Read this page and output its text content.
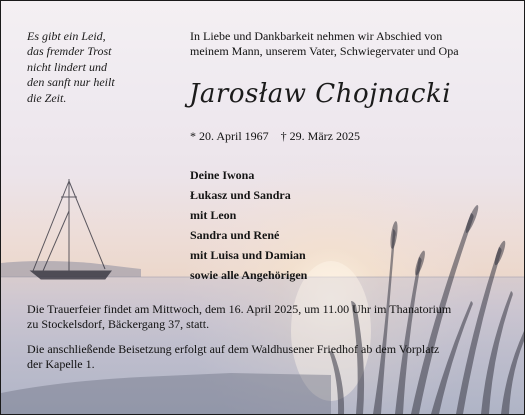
Es gibt ein Leid,
das fremder Trost
nicht lindert und
den sanft nur heilt
die Zeit.
In Liebe und Dankbarkeit nehmen wir Abschied von
meinem Mann, unserem Vater, Schwiegervater und Opa
Jarosław Chojnacki
* 20. April 1967 † 29. März 2025
Deine Iwona
Łukasz und Sandra
mit Leon
Sandra und René
mit Luisa und Damian
sowie alle Angehörigen
Die Trauerfeier findet am Mittwoch, dem 16. April 2025, um 11.00 Uhr im Thanatorium
zu Stockelsdorf, Bäckergang 37, statt.
Die anschließende Beisetzung erfolgt auf dem Waldhusener Friedhof ab dem Vorplatz
der Kapelle 1.
